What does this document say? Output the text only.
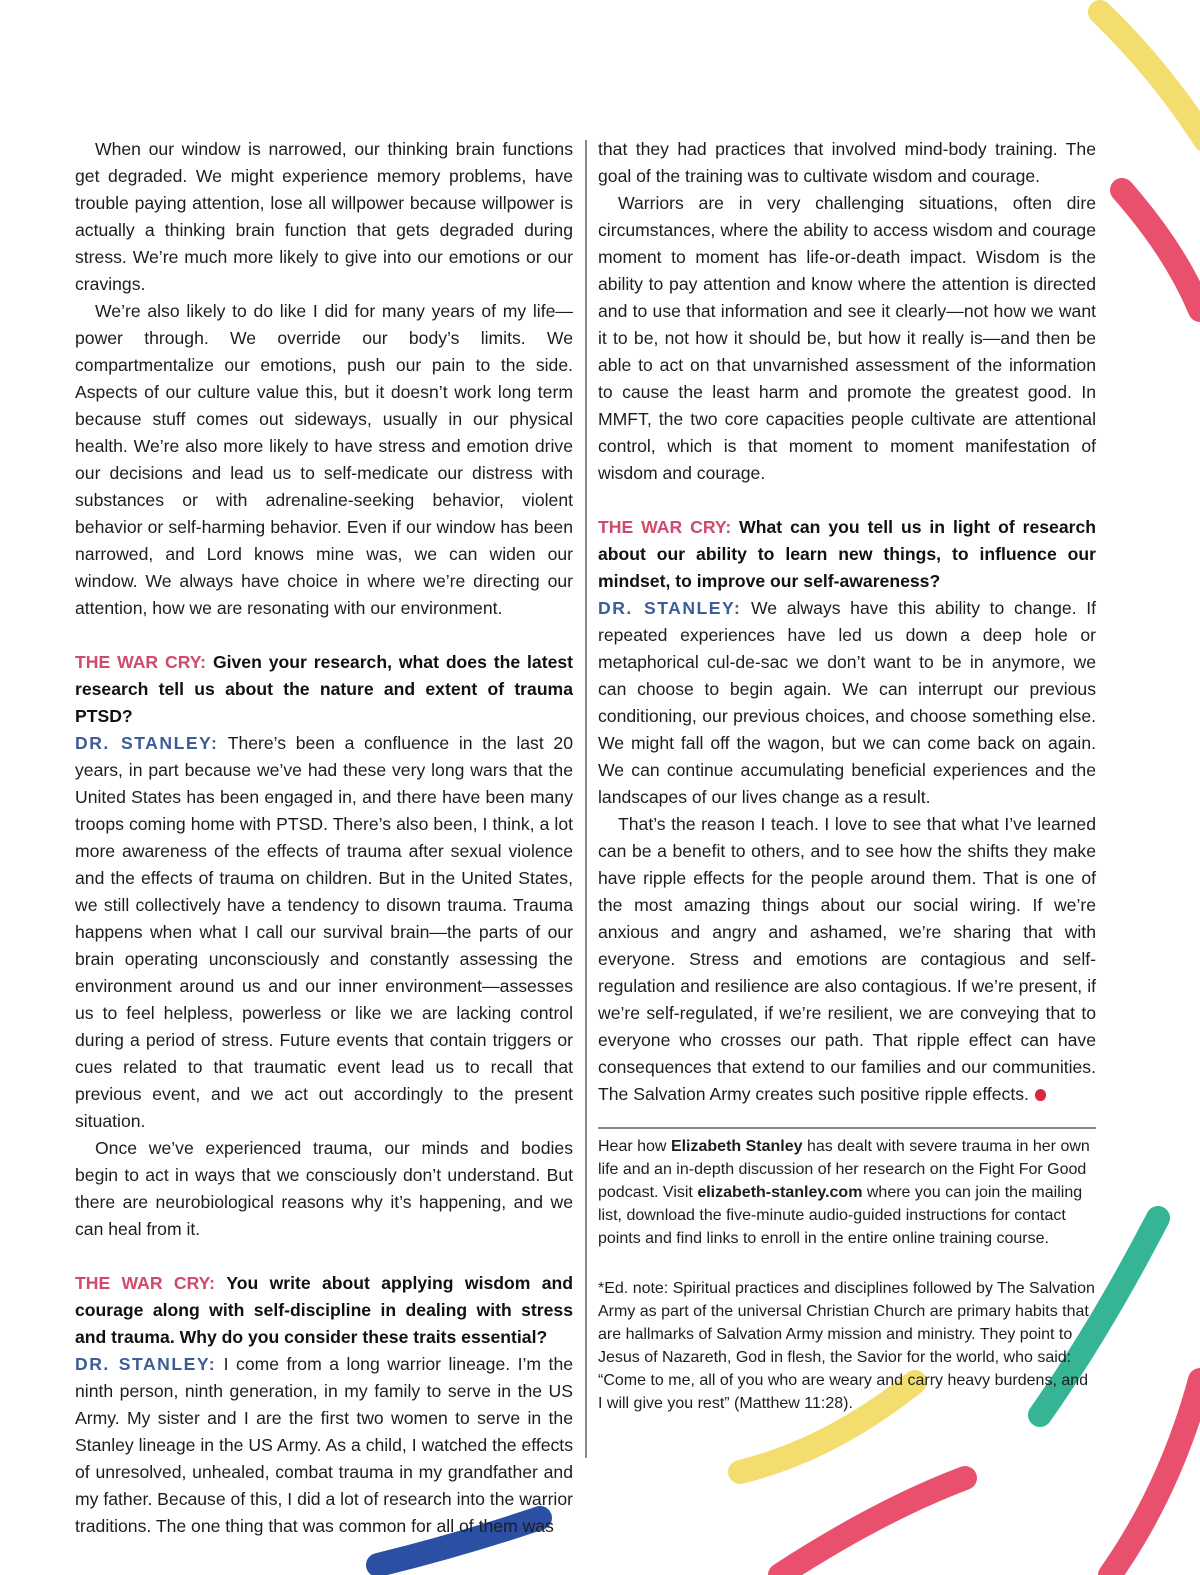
When our window is narrowed, our thinking brain functions get degraded. We might experience memory problems, have trouble paying attention, lose all willpower because willpower is actually a thinking brain function that gets degraded during stress. We’re much more likely to give into our emotions or our cravings.

We’re also likely to do like I did for many years of my life—power through. We override our body’s limits. We compartmentalize our emotions, push our pain to the side. Aspects of our culture value this, but it doesn’t work long term because stuff comes out sideways, usually in our physical health. We’re also more likely to have stress and emotion drive our decisions and lead us to self-medicate our distress with substances or with adrenaline-seeking behavior, violent behavior or self-harming behavior. Even if our window has been narrowed, and Lord knows mine was, we can widen our window. We always have choice in where we’re directing our attention, how we are resonating with our environment.

THE WAR CRY: Given your research, what does the latest research tell us about the nature and extent of trauma PTSD?

DR. STANLEY: There’s been a confluence in the last 20 years, in part because we’ve had these very long wars that the United States has been engaged in, and there have been many troops coming home with PTSD. There’s also been, I think, a lot more awareness of the effects of trauma after sexual violence and the effects of trauma on children. But in the United States, we still collectively have a tendency to disown trauma. Trauma happens when what I call our survival brain—the parts of our brain operating unconsciously and constantly assessing the environment around us and our inner environment—assesses us to feel helpless, powerless or like we are lacking control during a period of stress. Future events that contain triggers or cues related to that traumatic event lead us to recall that previous event, and we act out accordingly to the present situation.

Once we’ve experienced trauma, our minds and bodies begin to act in ways that we consciously don’t understand. But there are neurobiological reasons why it’s happening, and we can heal from it.

THE WAR CRY: You write about applying wisdom and courage along with self-discipline in dealing with stress and trauma. Why do you consider these traits essential?

DR. STANLEY: I come from a long warrior lineage. I’m the ninth person, ninth generation, in my family to serve in the US Army. My sister and I are the first two women to serve in the Stanley lineage in the US Army. As a child, I watched the effects of unresolved, unhealed, combat trauma in my grandfather and my father. Because of this, I did a lot of research into the warrior traditions. The one thing that was common for all of them was

that they had practices that involved mind-body training. The goal of the training was to cultivate wisdom and courage.

Warriors are in very challenging situations, often dire circumstances, where the ability to access wisdom and courage moment to moment has life-or-death impact. Wisdom is the ability to pay attention and know where the attention is directed and to use that information and see it clearly—not how we want it to be, not how it should be, but how it really is—and then be able to act on that unvarnished assessment of the information to cause the least harm and promote the greatest good. In MMFT, the two core capacities people cultivate are attentional control, which is that moment to moment manifestation of wisdom and courage.

THE WAR CRY: What can you tell us in light of research about our ability to learn new things, to influence our mindset, to improve our self-awareness?

DR. STANLEY: We always have this ability to change. If repeated experiences have led us down a deep hole or metaphorical cul-de-sac we don’t want to be in anymore, we can choose to begin again. We can interrupt our previous conditioning, our previous choices, and choose something else. We might fall off the wagon, but we can come back on again. We can continue accumulating beneficial experiences and the landscapes of our lives change as a result.

That’s the reason I teach. I love to see that what I’ve learned can be a benefit to others, and to see how the shifts they make have ripple effects for the people around them. That is one of the most amazing things about our social wiring. If we’re anxious and angry and ashamed, we’re sharing that with everyone. Stress and emotions are contagious and self-regulation and resilience are also contagious. If we’re present, if we’re self-regulated, if we’re resilient, we are conveying that to everyone who crosses our path. That ripple effect can have consequences that extend to our families and our communities. The Salvation Army creates such positive ripple effects.

Hear how Elizabeth Stanley has dealt with severe trauma in her own life and an in-depth discussion of her research on the Fight For Good podcast. Visit elizabeth-stanley.com where you can join the mailing list, download the five-minute audio-guided instructions for contact points and find links to enroll in the entire online training course.

*Ed. note: Spiritual practices and disciplines followed by The Salvation Army as part of the universal Christian Church are primary habits that are hallmarks of Salvation Army mission and ministry. They point to Jesus of Nazareth, God in flesh, the Savior for the world, who said: “Come to me, all of you who are weary and carry heavy burdens, and I will give you rest” (Matthew 11:28).
